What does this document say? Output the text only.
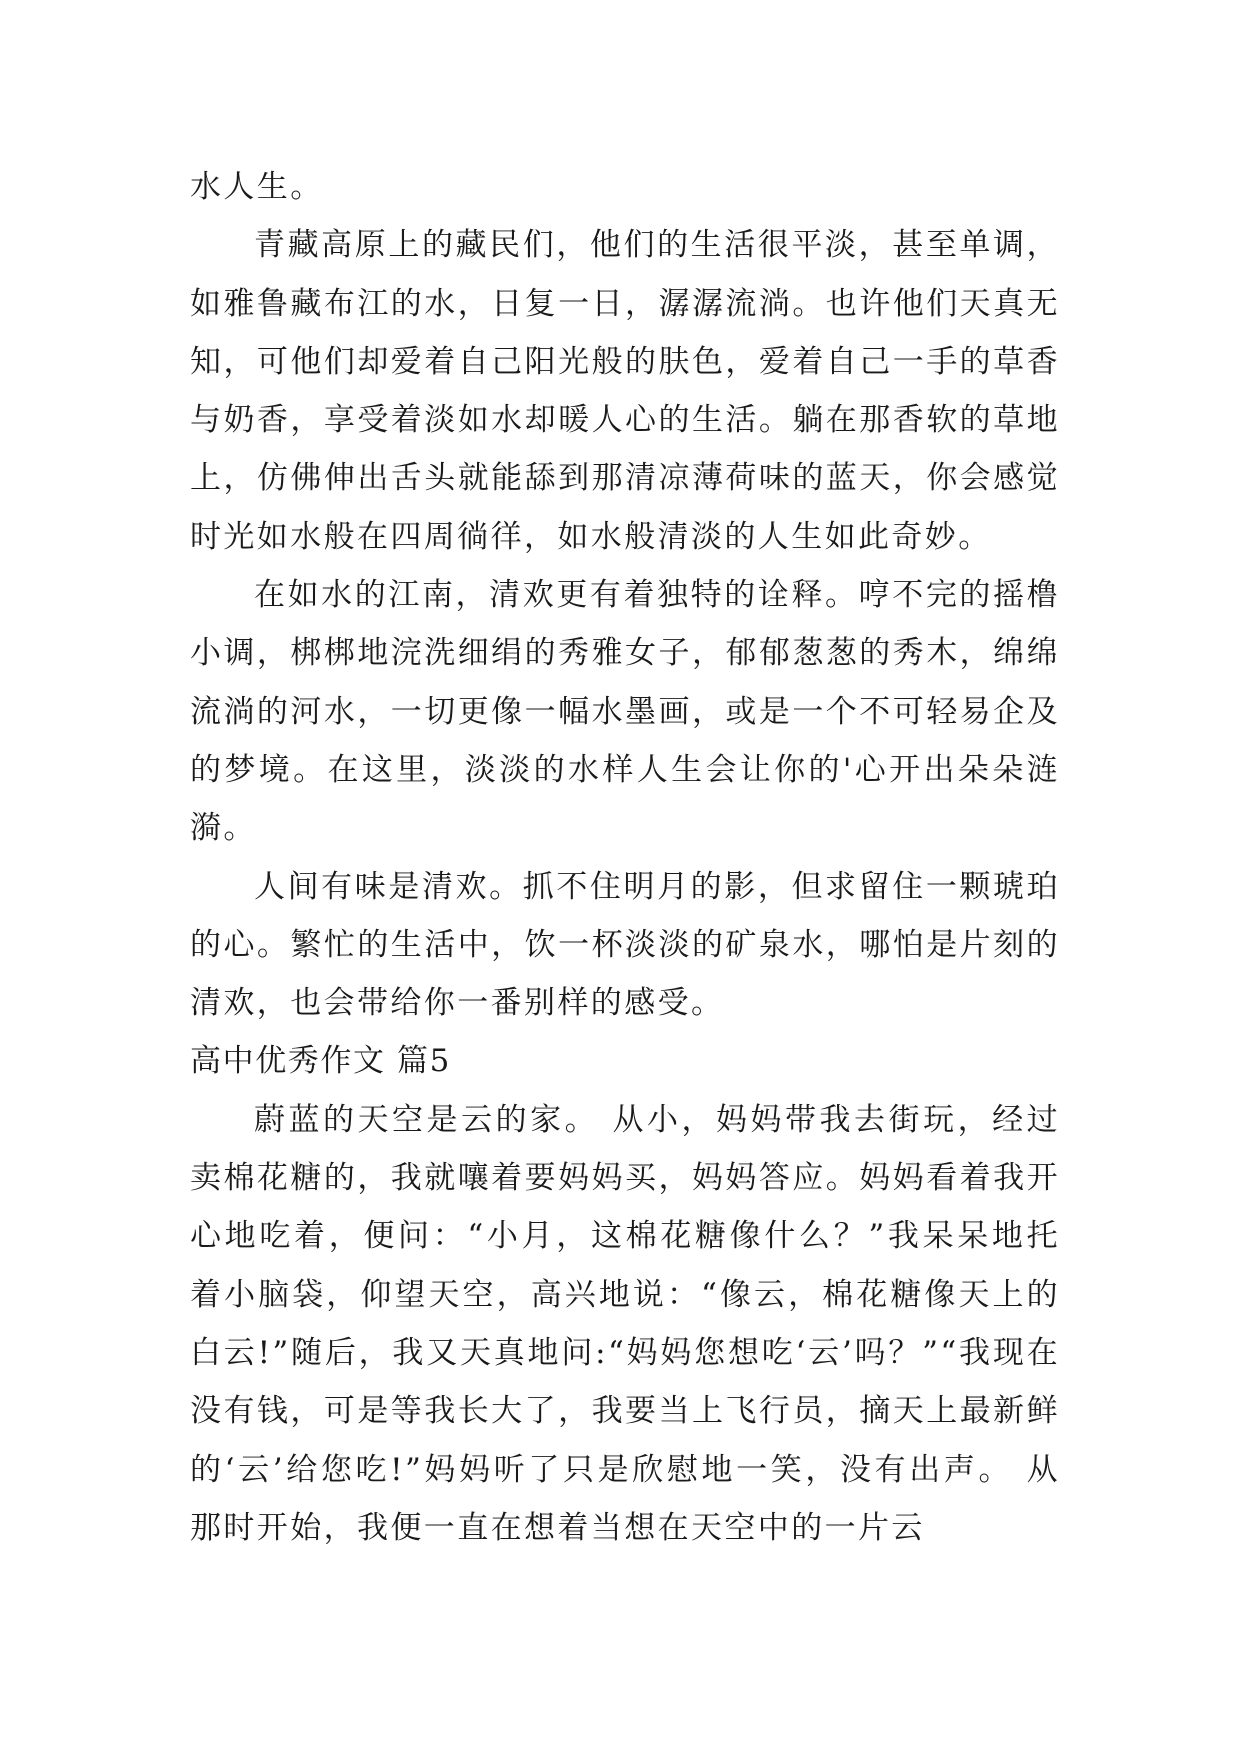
水人生。

青藏高原上的藏民们，他们的生活很平淡，甚至单调，如雅鲁藏布江的水，日复一日，潺潺流淌。也许他们天真无知，可他们却爱着自己阳光般的肤色，爱着自己一手的草香与奶香，享受着淡如水却暖人心的生活。躺在那香软的草地上，仿佛伸出舌头就能舔到那清凉薄荷味的蓝天，你会感觉时光如水般在四周徜徉，如水般清淡的人生如此奇妙。

在如水的江南，清欢更有着独特的诠释。哼不完的摇橹小调，梆梆地浣洗细绢的秀雅女子，郁郁葱葱的秀木，绵绵流淌的河水，一切更像一幅水墨画，或是一个不可轻易企及的梦境。在这里，淡淡的水样人生会让你的'心开出朵朵涟漪。

人间有味是清欢。抓不住明月的影，但求留住一颗琥珀的心。繁忙的生活中，饮一杯淡淡的矿泉水，哪怕是片刻的清欢，也会带给你一番别样的感受。

高中优秀作文 篇5

蔚蓝的天空是云的家。 从小，妈妈带我去街玩，经过卖棉花糖的，我就嚷着要妈妈买，妈妈答应。妈妈看着我开心地吃着，便问：“小月，这棉花糖像什么？”我呆呆地托着小脑袋，仰望天空，高兴地说：“像云，棉花糖像天上的白云!”随后，我又天真地问:“妈妈您想吃‘云’吗？”“我现在没有钱，可是等我长大了，我要当上飞行员，摘天上最新鲜的‘云’给您吃!”妈妈听了只是欣慰地一笑，没有出声。 从那时开始，我便一直在想着当想在天空中的一片云
